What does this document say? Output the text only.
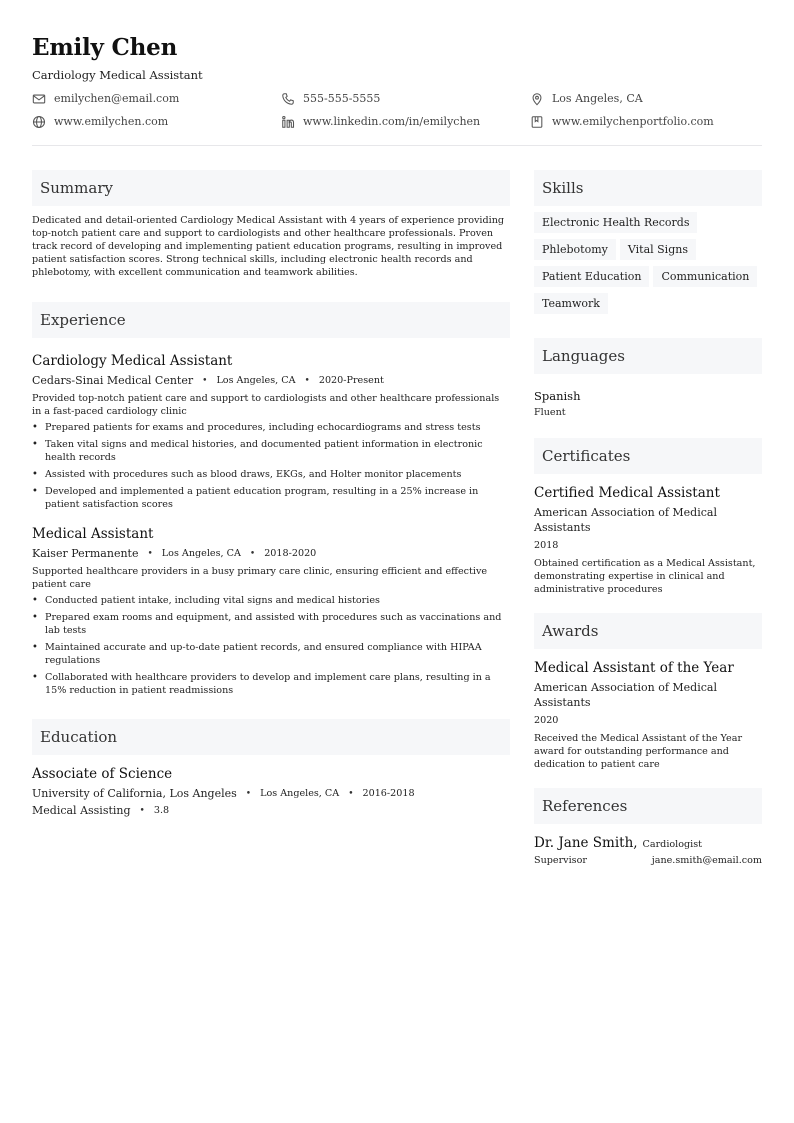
Emily Chen
Cardiology Medical Assistant
emilychen@email.com	555-555-5555	Los Angeles, CA
www.emilychen.com	www.linkedin.com/in/emilychen	www.emilychenportfolio.com
Summary
Dedicated and detail-oriented Cardiology Medical Assistant with 4 years of experience providing top-notch patient care and support to cardiologists and other healthcare professionals. Proven track record of developing and implementing patient education programs, resulting in improved patient satisfaction scores. Strong technical skills, including electronic health records and phlebotomy, with excellent communication and teamwork abilities.
Experience
Cardiology Medical Assistant
Cedars-Sinai Medical Center • Los Angeles, CA • 2020-Present
Provided top-notch patient care and support to cardiologists and other healthcare professionals in a fast-paced cardiology clinic
• Prepared patients for exams and procedures, including echocardiograms and stress tests
• Taken vital signs and medical histories, and documented patient information in electronic health records
• Assisted with procedures such as blood draws, EKGs, and Holter monitor placements
• Developed and implemented a patient education program, resulting in a 25% increase in patient satisfaction scores
Medical Assistant
Kaiser Permanente • Los Angeles, CA • 2018-2020
Supported healthcare providers in a busy primary care clinic, ensuring efficient and effective patient care
• Conducted patient intake, including vital signs and medical histories
• Prepared exam rooms and equipment, and assisted with procedures such as vaccinations and lab tests
• Maintained accurate and up-to-date patient records, and ensured compliance with HIPAA regulations
• Collaborated with healthcare providers to develop and implement care plans, resulting in a 15% reduction in patient readmissions
Education
Associate of Science
University of California, Los Angeles • Los Angeles, CA • 2016-2018
Medical Assisting • 3.8
Skills
Electronic Health Records
Phlebotomy	Vital Signs
Patient Education	Communication
Teamwork
Languages
Spanish
Fluent
Certificates
Certified Medical Assistant
American Association of Medical Assistants
2018
Obtained certification as a Medical Assistant, demonstrating expertise in clinical and administrative procedures
Awards
Medical Assistant of the Year
American Association of Medical Assistants
2020
Received the Medical Assistant of the Year award for outstanding performance and dedication to patient care
References
Dr. Jane Smith, Cardiologist
Supervisor	jane.smith@email.com
